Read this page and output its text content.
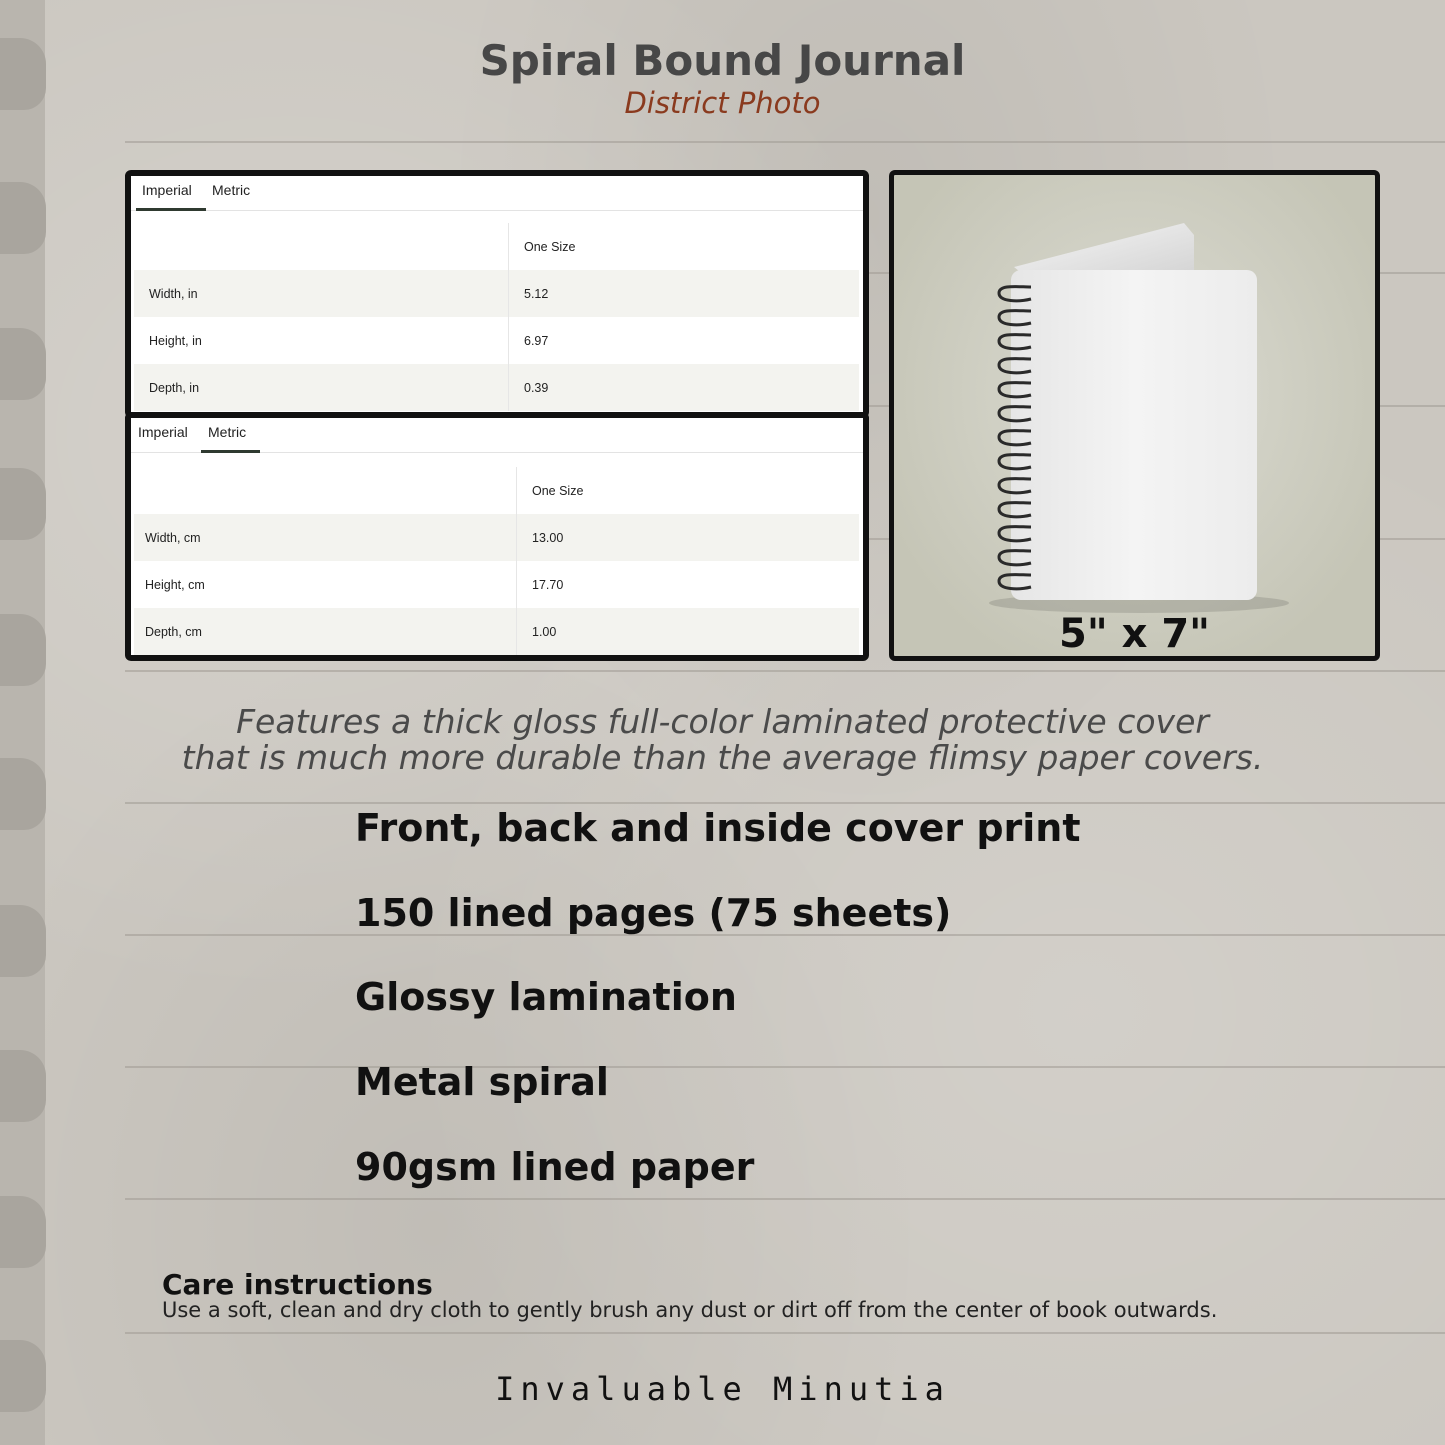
Spiral Bound Journal
District Photo
Imperial Metric
	One Size
Width, in	5.12
Height, in	6.97
Depth, in	0.39
Imperial Metric
	One Size
Width, cm	13.00
Height, cm	17.70
Depth, cm	1.00	5" x 7"
Features a thick gloss full-color laminated protective cover
that is much more durable than the average flimsy paper covers.
Front, back and inside cover print
150 lined pages (75 sheets)
Glossy lamination
Metal spiral
90gsm lined paper
Care instructions
Use a soft, clean and dry cloth to gently brush any dust or dirt off from the center of book outwards.
Invaluable Minutia
